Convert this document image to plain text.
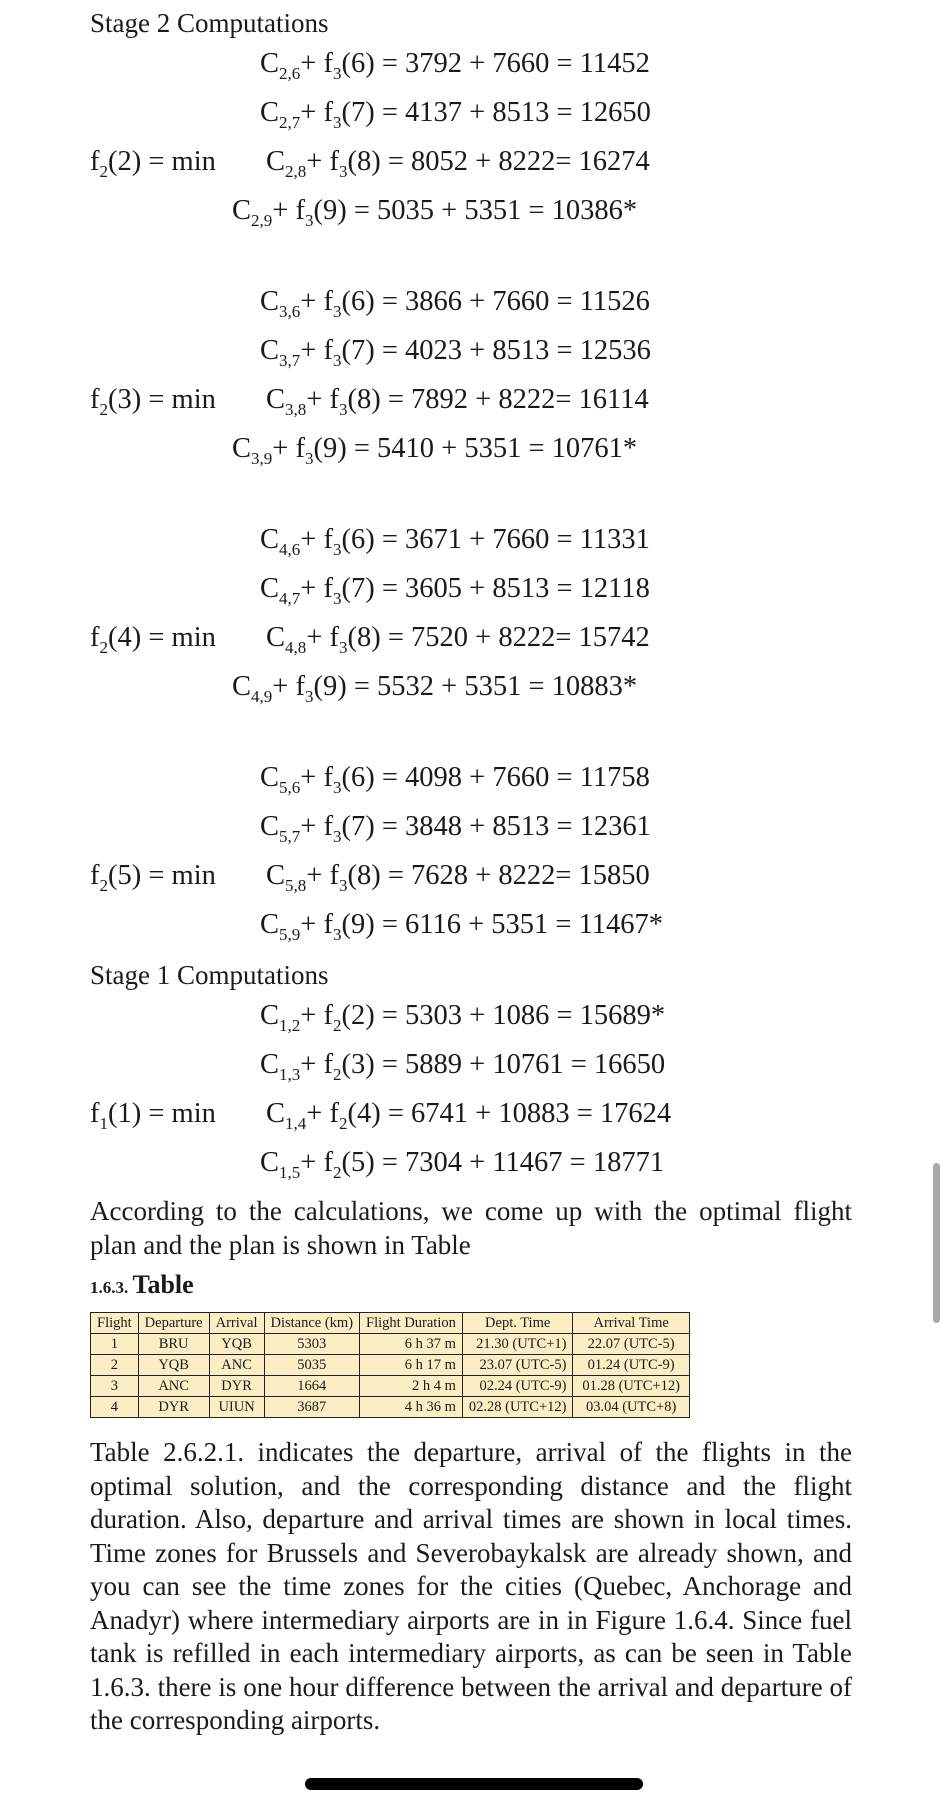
Stage 2 Computations
$C_{2,6}+ f_3(6) = 3792 + 7660 = 11452$
$C_{2,7}+ f_3(7) = 4137 + 8513 = 12650$
$f_2(2) = \min C_{2,8}+ f_3(8) = 8052 + 8222= 16274$
$C_{2,9}+ f_3(9) = 5035 + 5351 = 10386*$
$C_{3,6}+ f_3(6) = 3866 + 7660 = 11526$
$C_{3,7}+ f_3(7) = 4023 + 8513 = 12536$
$f_2(3) = \min C_{3,8}+ f_3(8) = 7892 + 8222= 16114$
$C_{3,9}+ f_3(9) = 5410 + 5351 = 10761*$
$C_{4,6}+ f_3(6) = 3671 + 7660 = 11331$
$C_{4,7}+ f_3(7) = 3605 + 8513 = 12118$
$f_2(4) = \min C_{4,8}+ f_3(8) = 7520 + 8222= 15742$
$C_{4,9}+ f_3(9) = 5532 + 5351 = 10883*$
$C_{5,6}+ f_3(6) = 4098 + 7660 = 11758$
$C_{5,7}+ f_3(7) = 3848 + 8513 = 12361$
$f_2(5) = \min C_{5,8}+ f_3(8) = 7628 + 8222= 15850$
$C_{5,9}+ f_3(9) = 6116 + 5351 = 11467*$
Stage 1 Computations
$C_{1,2}+ f_2(2) = 5303 + 1086 = 15689*$
$C_{1,3}+ f_2(3) = 5889 + 10761 = 16650$
$f_1(1) = \min C_{1,4}+ f_2(4) = 6741 + 10883 = 17624$
$C_{1,5}+ f_2(5) = 7304 + 11467 = 18771$
According to the calculations, we come up with the optimal flight plan and the plan is shown in Table
1.6.3. Table
Flight	Departure	Arrival	Distance (km)	Flight Duration	Dept. Time	Arrival Time
1	BRU	YQB	5303	6 h 37 m	21.30 (UTC+1)	22.07 (UTC-5)
2	YQB	ANC	5035	6 h 17 m	23.07 (UTC-5)	01.24 (UTC-9)
3	ANC	DYR	1664	2 h 4 m	02.24 (UTC-9)	01.28 (UTC+12)
4	DYR	UIUN	3687	4 h 36 m	02.28 (UTC+12)	03.04 (UTC+8)
Table 2.6.2.1. indicates the departure, arrival of the flights in the optimal solution, and the corresponding distance and the flight duration. Also, departure and arrival times are shown in local times. Time zones for Brussels and Severobaykalsk are already shown, and you can see the time zones for the cities (Quebec, Anchorage and Anadyr) where intermediary airports are in in Figure 1.6.4. Since fuel tank is refilled in each intermediary airports, as can be seen in Table 1.6.3. there is one hour difference between the arrival and departure of the corresponding airports.
